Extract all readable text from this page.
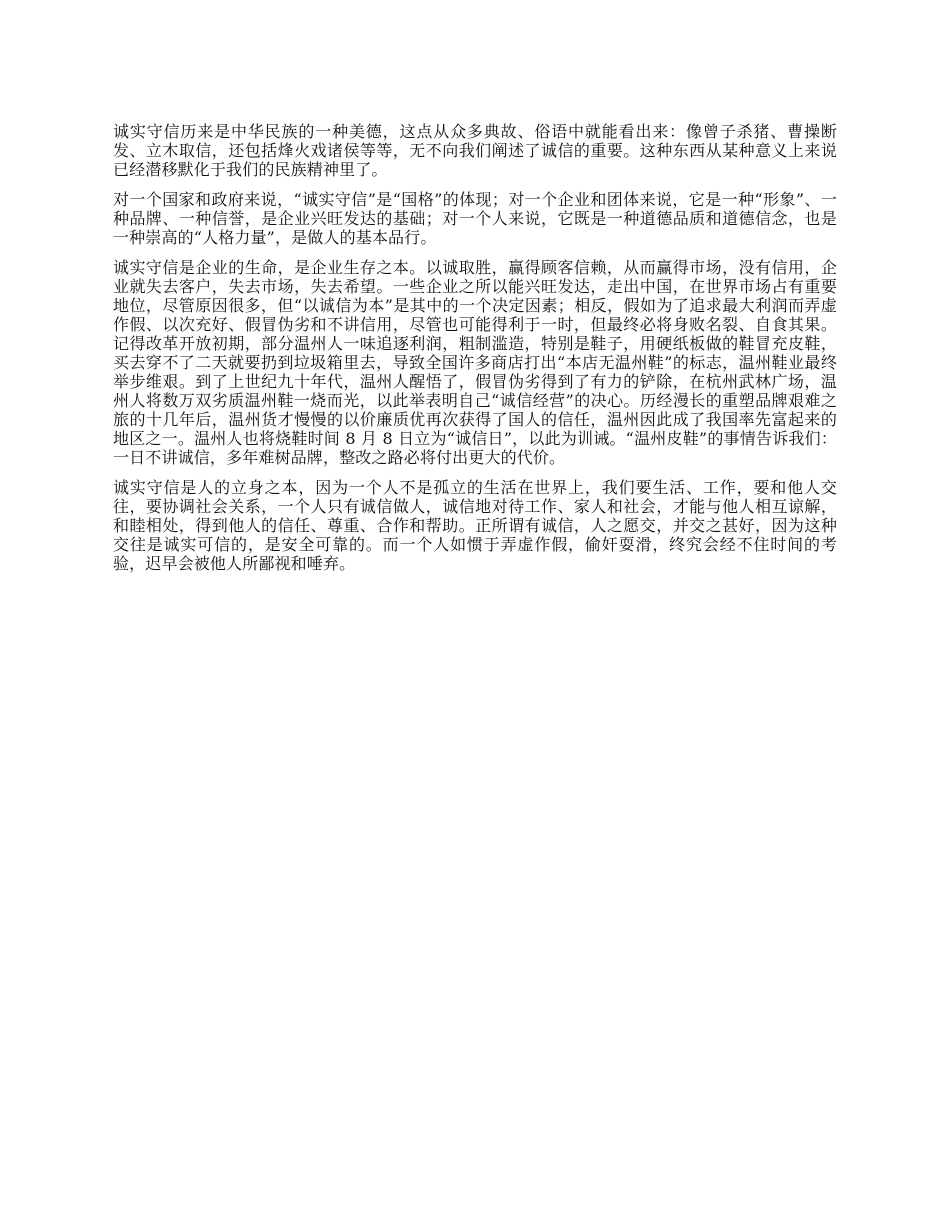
诚实守信历来是中华民族的一种美德，这点从众多典故、俗语中就能看出来：像曾子杀猪、曹操断发、立木取信，还包括烽火戏诸侯等等，无不向我们阐述了诚信的重要。这种东西从某种意义上来说已经潜移默化于我们的民族精神里了。

对一个国家和政府来说，“诚实守信”是“国格”的体现；对一个企业和团体来说，它是一种“形象”、一种品牌、一种信誉，是企业兴旺发达的基础；对一个人来说，它既是一种道德品质和道德信念，也是一种崇高的“人格力量”，是做人的基本品行。

诚实守信是企业的生命，是企业生存之本。以诚取胜，赢得顾客信赖，从而赢得市场，没有信用，企业就失去客户，失去市场，失去希望。一些企业之所以能兴旺发达，走出中国，在世界市场占有重要地位，尽管原因很多，但“以诚信为本”是其中的一个决定因素；相反，假如为了追求最大利润而弄虚作假、以次充好、假冒伪劣和不讲信用，尽管也可能得利于一时，但最终必将身败名裂、自食其果。记得改革开放初期，部分温州人一味追逐利润，粗制滥造，特别是鞋子，用硬纸板做的鞋冒充皮鞋，买去穿不了二天就要扔到垃圾箱里去，导致全国许多商店打出“本店无温州鞋”的标志，温州鞋业最终举步维艰。到了上世纪九十年代，温州人醒悟了，假冒伪劣得到了有力的铲除，在杭州武林广场，温州人将数万双劣质温州鞋一烧而光，以此举表明自己“诚信经营”的决心。历经漫长的重塑品牌艰难之旅的十几年后，温州货才慢慢的以价廉质优再次获得了国人的信任，温州因此成了我国率先富起来的地区之一。温州人也将烧鞋时间 8 月 8 日立为“诚信日”，以此为训诫。“温州皮鞋”的事情告诉我们：一日不讲诚信，多年难树品牌，整改之路必将付出更大的代价。

诚实守信是人的立身之本，因为一个人不是孤立的生活在世界上，我们要生活、工作，要和他人交往，要协调社会关系，一个人只有诚信做人，诚信地对待工作、家人和社会，才能与他人相互谅解，和睦相处，得到他人的信任、尊重、合作和帮助。正所谓有诚信，人之愿交，并交之甚好，因为这种交往是诚实可信的，是安全可靠的。而一个人如惯于弄虚作假，偷奸耍滑，终究会经不住时间的考验，迟早会被他人所鄙视和唾弃。
